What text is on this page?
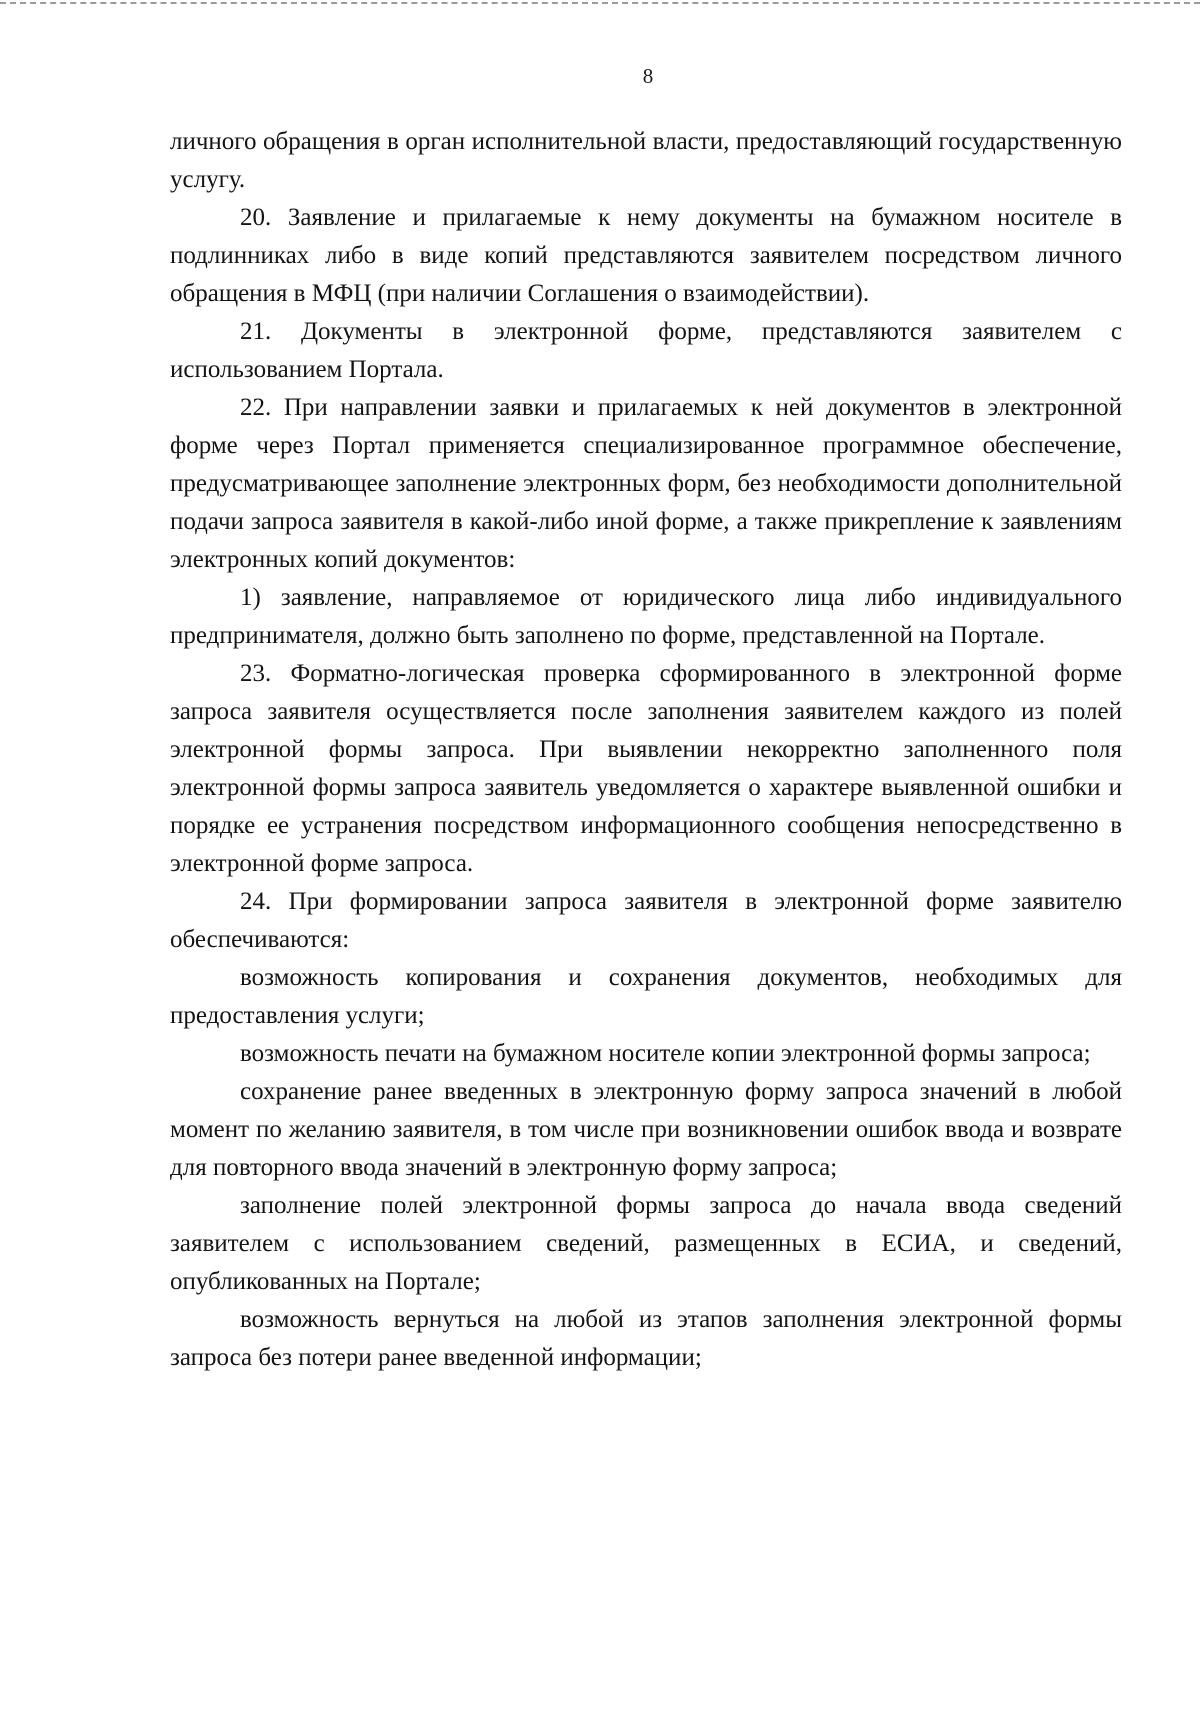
8

личного обращения в орган исполнительной власти, предоставляющий государственную услугу.

20. Заявление и прилагаемые к нему документы на бумажном носителе в подлинниках либо в виде копий представляются заявителем посредством личного обращения в МФЦ (при наличии Соглашения о взаимодействии).

21. Документы в электронной форме, представляются заявителем с использованием Портала.

22. При направлении заявки и прилагаемых к ней документов в электронной форме через Портал применяется специализированное программное обеспечение, предусматривающее заполнение электронных форм, без необходимости дополнительной подачи запроса заявителя в какой-либо иной форме, а также прикрепление к заявлениям электронных копий документов:

1) заявление, направляемое от юридического лица либо индивидуального предпринимателя, должно быть заполнено по форме, представленной на Портале.

23. Форматно-логическая проверка сформированного в электронной форме запроса заявителя осуществляется после заполнения заявителем каждого из полей электронной формы запроса. При выявлении некорректно заполненного поля электронной формы запроса заявитель уведомляется о характере выявленной ошибки и порядке ее устранения посредством информационного сообщения непосредственно в электронной форме запроса.

24. При формировании запроса заявителя в электронной форме заявителю обеспечиваются:

возможность копирования и сохранения документов, необходимых для предоставления услуги;

возможность печати на бумажном носителе копии электронной формы запроса;

сохранение ранее введенных в электронную форму запроса значений в любой момент по желанию заявителя, в том числе при возникновении ошибок ввода и возврате для повторного ввода значений в электронную форму запроса;

заполнение полей электронной формы запроса до начала ввода сведений заявителем с использованием сведений, размещенных в ЕСИА, и сведений, опубликованных на Портале;

возможность вернуться на любой из этапов заполнения электронной формы запроса без потери ранее введенной информации;
